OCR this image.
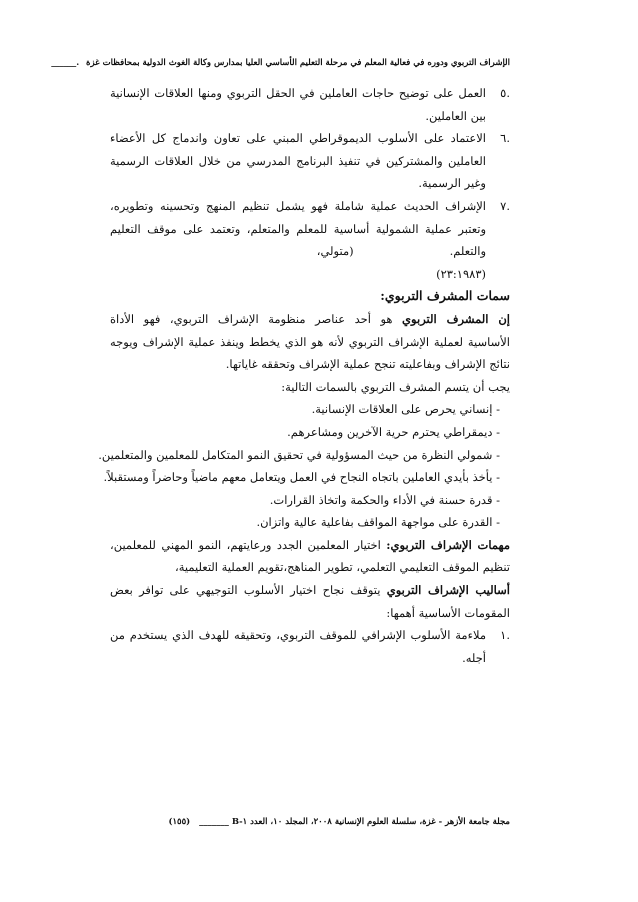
الإشراف التربوي ودوره في فعالية المعلم في مرحلة التعليم الأساسي العليا بمدارس وكالة الغوث الدولية بمحافظات غزة .______
.٥العمل على توضيح حاجات العاملين في الحقل التربوي ومنها العلاقات الإنسانية
بين العاملين.
.٦الاعتماد على الأسلوب الديموقراطي المبني على تعاون واندماج كل الأعضاء
العاملين والمشتركين في تنفيذ البرنامج المدرسي من خلال العلاقات الرسمية
وغير الرسمية.
.٧الإشراف الحديث عملية شاملة فهو يشمل تنظيم المنهج وتحسينه وتطويره،
وتعتبر عملية الشمولية أساسية للمعلم والمتعلم، وتعتمد على موقف التعليم
والتعلم.(متولي،
(٢٣:١٩٨٣)
سمات المشرف التربوي:
إن المشرف التربوي هو أحد عناصر منظومة الإشراف التربوي، فهو الأداة
الأساسية لعملية الإشراف التربوي لأنه هو الذي يخطط وينفذ عملية الإشراف ويوجه
نتائج الإشراف وبفاعليته تنجح عملية الإشراف وتحققه غاياتها.
يجب أن يتسم المشرف التربوي بالسمات التالية:
- إنساني يحرص على العلاقات الإنسانية.
- ديمقراطي يحترم حرية الآخرين ومشاعرهم.
- شمولي النظرة من حيث المسؤولية في تحقيق النمو المتكامل للمعلمين والمتعلمين.
- يأخذ بأيدي العاملين باتجاه النجاح في العمل ويتعامل معهم ماضياً وحاضراً ومستقبلاً.
- قدرة حسنة في الأداء والحكمة واتخاذ القرارات.
- القدرة على مواجهة المواقف بفاعلية عالية واتزان.
مهمات الإشراف التربوي: اختيار المعلمين الجدد ورعايتهم، النمو المهني للمعلمين،
تنظيم الموقف التعليمي التعلمي، تطوير المناهج،تقويم العملية التعليمية،
أساليب الإشراف التربوي يتوقف نجاح اختيار الأسلوب التوجيهي على توافر بعض
المقومات الأساسية أهمها:
.١ملاءمة الأسلوب الإشرافي للموقف التربوي، وتحقيقه للهدف الذي يستخدم من
أجله.
مجلة جامعة الأزهر - غزة، سلسلة العلوم الإنسانية ٢٠٠٨، المجلد ١٠، العدد ١-B _______ (١٥٥)
